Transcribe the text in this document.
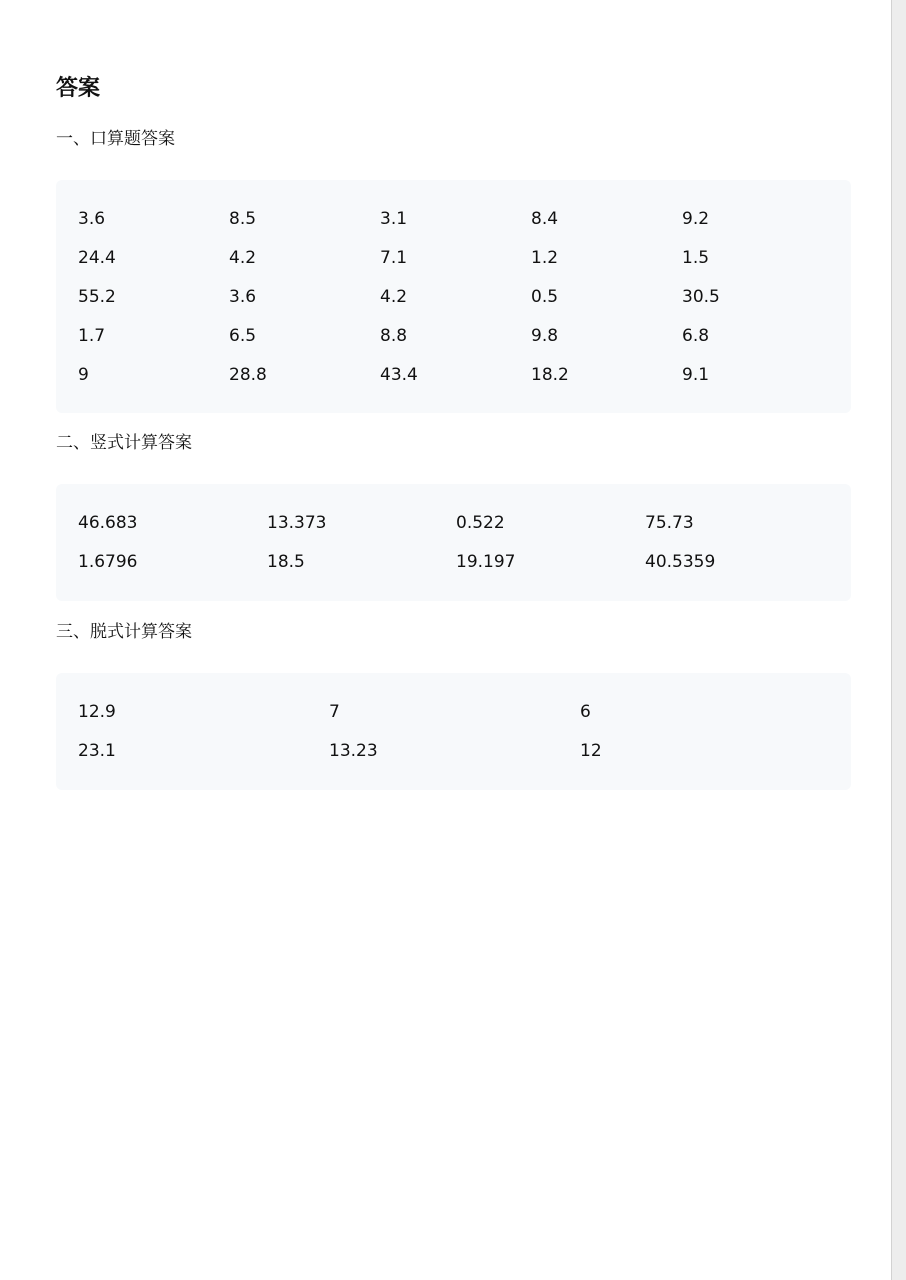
答案
一、口算题答案
3.6	8.5	3.1	8.4	9.2
24.4	4.2	7.1	1.2	1.5
55.2	3.6	4.2	0.5	30.5
1.7	6.5	8.8	9.8	6.8
9	28.8	43.4	18.2	9.1
二、竖式计算答案
46.683	13.373	0.522	75.73
1.6796	18.5	19.197	40.5359
三、脱式计算答案
12.9	7	6
23.1	13.23	12
